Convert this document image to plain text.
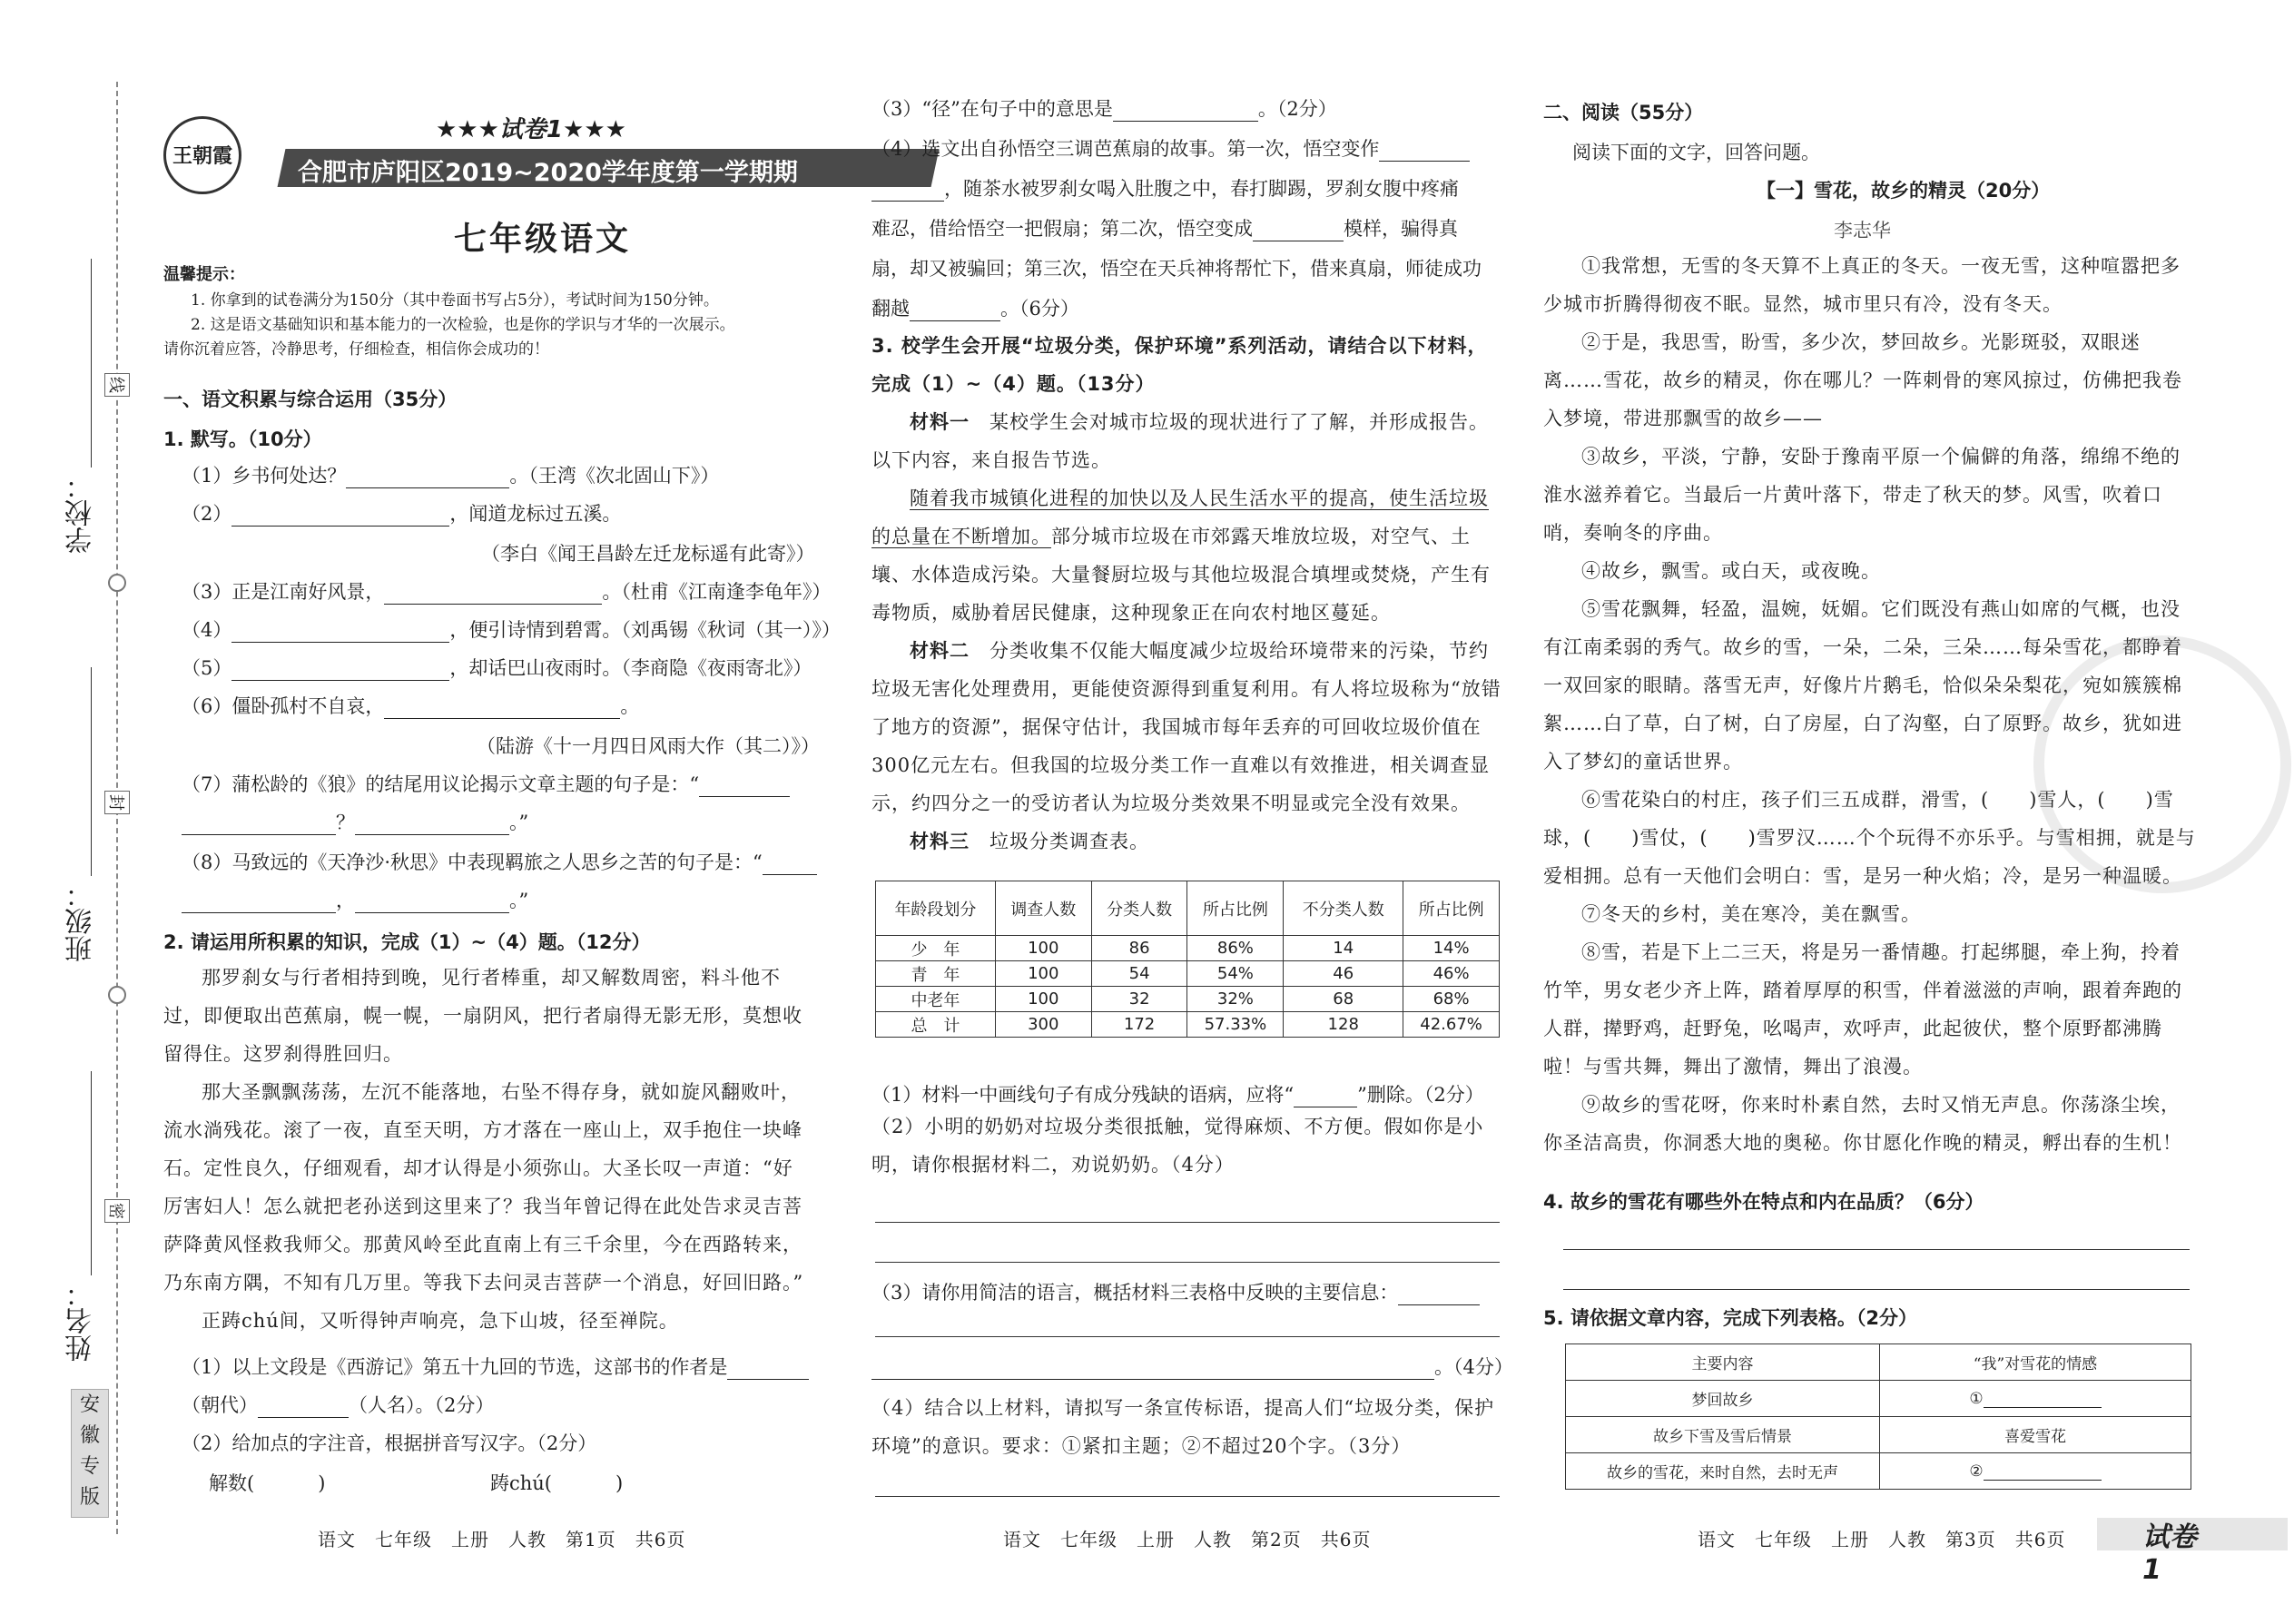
学校：
班级：
姓名：
线
封
密
安
徽
专
版
王朝霞
★★★试卷1★★★
合肥市庐阳区2019~2020学年度第一学期期末考试试卷
七年级语文
温馨提示：
1. 你拿到的试卷满分为150分（其中卷面书写占5分），考试时间为150分钟。
2. 这是语文基础知识和基本能力的一次检验，也是你的学识与才华的一次展示。
请你沉着应答，冷静思考，仔细检查，相信你会成功的！
一、语文积累与综合运用（35分）
1. 默写。（10分）
（1）乡书何处达？	。（王湾《次北固山下》）
（2）	，闻道龙标过五溪。
（李白《闻王昌龄左迁龙标遥有此寄》）
（3）正是江南好风景，	。（杜甫《江南逢李龟年》）
（4）	，便引诗情到碧霄。（刘禹锡《秋词（其一）》）
（5）	，却话巴山夜雨时。（李商隐《夜雨寄北》）
（6）僵卧孤村不自哀，	。
（陆游《十一月四日风雨大作（其二）》）
（7）蒲松龄的《狼》的结尾用议论揭示文章主题的句子是：“
？	。”
（8）马致远的《天净沙·秋思》中表现羁旅之人思乡之苦的句子是：“
，	。”
2. 请运用所积累的知识，完成（1）~（4）题。（12分）

那罗刹女与行者相持到晚，见行者棒重，却又解数周密，料斗他不过，即便取出芭蕉扇，幌一幌，一扇阴风，把行者扇得无影无形，莫想收留得住。这罗刹得胜回归。

那大圣飘飘荡荡，左沉不能落地，右坠不得存身，就如旋风翻败叶，流水淌残花。滚了一夜，直至天明，方才落在一座山上，双手抱住一块峰石。定性良久，仔细观看，却才认得是小须弥山。大圣长叹一声道：“好厉害妇人！怎么就把老孙送到这里来了？我当年曾记得在此处告求灵吉菩萨降黄风怪救我师父。那黄风岭至此直南上有三千余里，今在西路转来，乃东南方隅，不知有几万里。等我下去问灵吉菩萨一个消息，好回旧路。”

正踌chú间，又听得钟声响亮，急下山坡，径至禅院。

（1）以上文段是《西游记》第五十九回的节选，这部书的作者是
（朝代）	（人名）。（2分）
（2）给加点的字注音，根据拼音写汉字。（2分）
解数(	)	踌chú(	)
语文　七年级　上册　人教　第1页　共6页
（3）“径”在句子中的意思是	。（2分）
（4）选文出自孙悟空三调芭蕉扇的故事。第一次，悟空变作
，随茶水被罗刹女喝入肚腹之中，春打脚踢，罗刹女腹中疼痛
难忍，借给悟空一把假扇；第二次，悟空变成	模样，骗得真
扇，却又被骗回；第三次，悟空在天兵神将帮忙下，借来真扇，师徒成功
翻越	。（6分）

3. 校学生会开展“垃圾分类，保护环境”系列活动，请结合以下材料，完成（1）~（4）题。（13分）

材料一　 某校学生会对城市垃圾的现状进行了了解，并形成报告。以下内容，来自报告节选。

随着我市城镇化进程的加快以及人民生活水平的提高，使生活垃圾的总量在不断增加。部分城市垃圾在市郊露天堆放垃圾，对空气、土壤、水体造成污染。大量餐厨垃圾与其他垃圾混合填埋或焚烧，产生有毒物质，威胁着居民健康，这种现象正在向农村地区蔓延。

材料二　 分类收集不仅能大幅度减少垃圾给环境带来的污染，节约垃圾无害化处理费用，更能使资源得到重复利用。有人将垃圾称为“放错了地方的资源”，据保守估计，我国城市每年丢弃的可回收垃圾价值在300亿元左右。但我国的垃圾分类工作一直难以有效推进，相关调查显示，约四分之一的受访者认为垃圾分类效果不明显或完全没有效果。

材料三　 垃圾分类调查表。

年龄段划分	调查人数	分类人数	所占比例	不分类人数	所占比例
少　年	100	86	86%	14	14%
青　年	100	54	54%	46	46%
中老年	100	32	32%	68	68%
总　计	300	172	57.33%	128	42.67%
（1）材料一中画线句子有成分残缺的语病，应将“	”删除。（2分）
（2）小明的奶奶对垃圾分类很抵触，觉得麻烦、不方便。假如你是小明，请你根据材料二，劝说奶奶。（4分）
（3）请你用简洁的语言，概括材料三表格中反映的主要信息：
。（4分）
（4）结合以上材料，请拟写一条宣传标语，提高人们“垃圾分类，保护环境”的意识。要求：①紧扣主题；②不超过20个字。（3分）
语文　七年级　上册　人教　第2页　共6页
二、阅读（55分）
阅读下面的文字，回答问题。
【一】雪花，故乡的精灵（20分）
李志华

①我常想，无雪的冬天算不上真正的冬天。一夜无雪，这种喧嚣把多少城市折腾得彻夜不眠。显然，城市里只有冷，没有冬天。

②于是，我思雪，盼雪，多少次，梦回故乡。光影斑驳，双眼迷离……雪花，故乡的精灵，你在哪儿？一阵刺骨的寒风掠过，仿佛把我卷入梦境，带进那飘雪的故乡——

③故乡，平淡，宁静，安卧于豫南平原一个偏僻的角落，绵绵不绝的淮水滋养着它。当最后一片黄叶落下，带走了秋天的梦。风雪，吹着口哨，奏响冬的序曲。

④故乡，飘雪。或白天，或夜晚。

⑤雪花飘舞，轻盈，温婉，妩媚。它们既没有燕山如席的气概，也没有江南柔弱的秀气。故乡的雪，一朵，二朵，三朵……每朵雪花，都睁着一双回家的眼睛。落雪无声，好像片片鹅毛，恰似朵朵梨花，宛如簇簇棉絮……白了草，白了树，白了房屋，白了沟壑，白了原野。故乡，犹如进入了梦幻的童话世界。

⑥雪花染白的村庄，孩子们三五成群，滑雪，(　　)雪人，(　　)雪球，(　　)雪仗，(　　)雪罗汉……个个玩得不亦乐乎。与雪相拥，就是与爱相拥。总有一天他们会明白：雪，是另一种火焰；冷，是另一种温暖。

⑦冬天的乡村，美在寒冷，美在飘雪。

⑧雪，若是下上二三天，将是另一番情趣。打起绑腿，牵上狗，拎着竹竿，男女老少齐上阵，踏着厚厚的积雪，伴着滋滋的声响，跟着奔跑的人群，撵野鸡，赶野兔，吆喝声，欢呼声，此起彼伏，整个原野都沸腾啦！与雪共舞，舞出了激情，舞出了浪漫。

⑨故乡的雪花呀，你来时朴素自然，去时又悄无声息。你荡涤尘埃，你圣洁高贵，你洞悉大地的奥秘。你甘愿化作晚的精灵，孵出春的生机！

4. 故乡的雪花有哪些外在特点和内在品质？（6分）
5. 请依据文章内容，完成下列表格。（2分）
主要内容	“我”对雪花的情感
梦回故乡	①
故乡下雪及雪后情景	喜爱雪花
故乡的雪花，来时自然，去时无声	②
语文　七年级　上册　人教　第3页　共6页	试卷1
